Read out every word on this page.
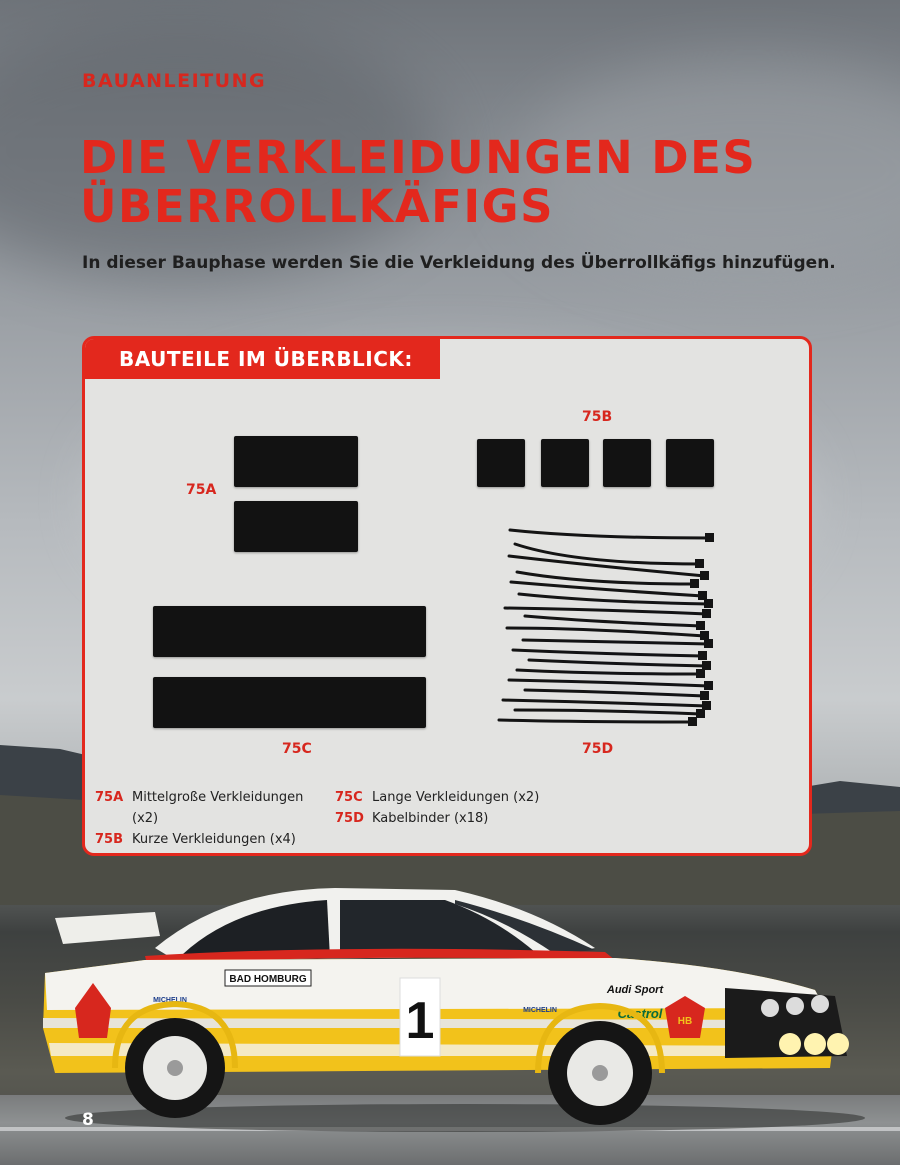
BAUANLEITUNG
DIE VERKLEIDUNGEN DES
ÜBERROLLKÄFIGS

In dieser Bauphase werden Sie die Verkleidung des Überrollkäfigs hinzufügen.

BAUTEILE IM ÜBERBLICK:
75A
75B
75C	75D
75A Mittelgroße Verkleidungen
(x2)
75B Kurze Verkleidungen (x4)
75C Lange Verkleidungen (x2)
75D Kabelbinder (x18)
1
BAD HOMBURG
MICHELIN
MICHELIN
Audi Sport
Castrol
HB
8
